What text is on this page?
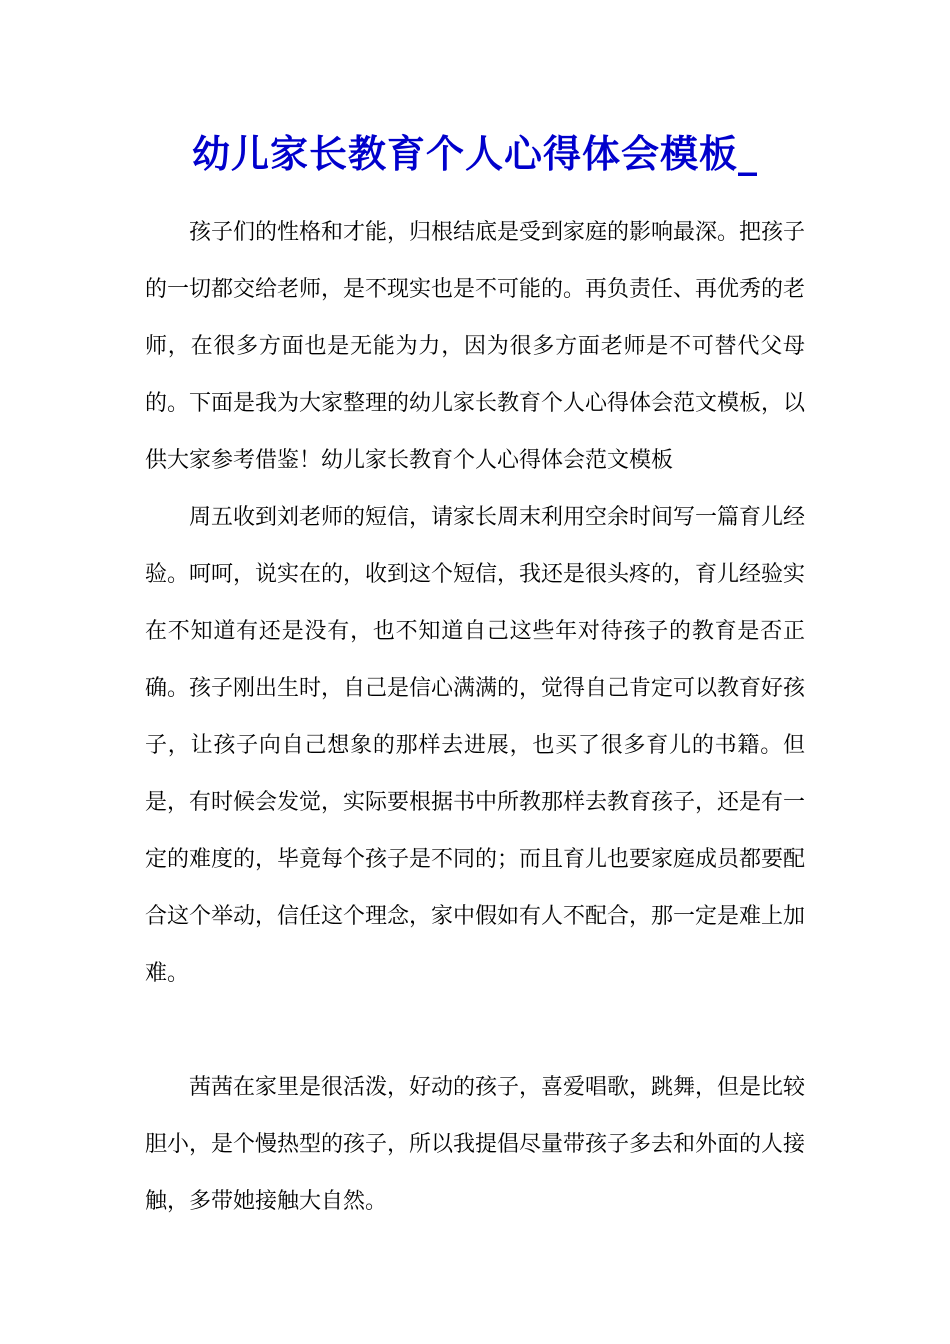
幼儿家长教育个人心得体会模板_

孩子们的性格和才能，归根结底是受到家庭的影响最深。把孩子的一切都交给老师，是不现实也是不可能的。再负责任、再优秀的老师，在很多方面也是无能为力，因为很多方面老师是不可替代父母的。下面是我为大家整理的幼儿家长教育个人心得体会范文模板，以供大家参考借鉴！幼儿家长教育个人心得体会范文模板

周五收到刘老师的短信，请家长周末利用空余时间写一篇育儿经验。呵呵，说实在的，收到这个短信，我还是很头疼的，育儿经验实在不知道有还是没有，也不知道自己这些年对待孩子的教育是否正确。孩子刚出生时，自己是信心满满的，觉得自己肯定可以教育好孩子，让孩子向自己想象的那样去进展，也买了很多育儿的书籍。但是，有时候会发觉，实际要根据书中所教那样去教育孩子，还是有一定的难度的，毕竟每个孩子是不同的；而且育儿也要家庭成员都要配合这个举动，信任这个理念，家中假如有人不配合，那一定是难上加难。

茜茜在家里是很活泼，好动的孩子，喜爱唱歌，跳舞，但是比较胆小，是个慢热型的孩子，所以我提倡尽量带孩子多去和外面的人接触，多带她接触大自然。
